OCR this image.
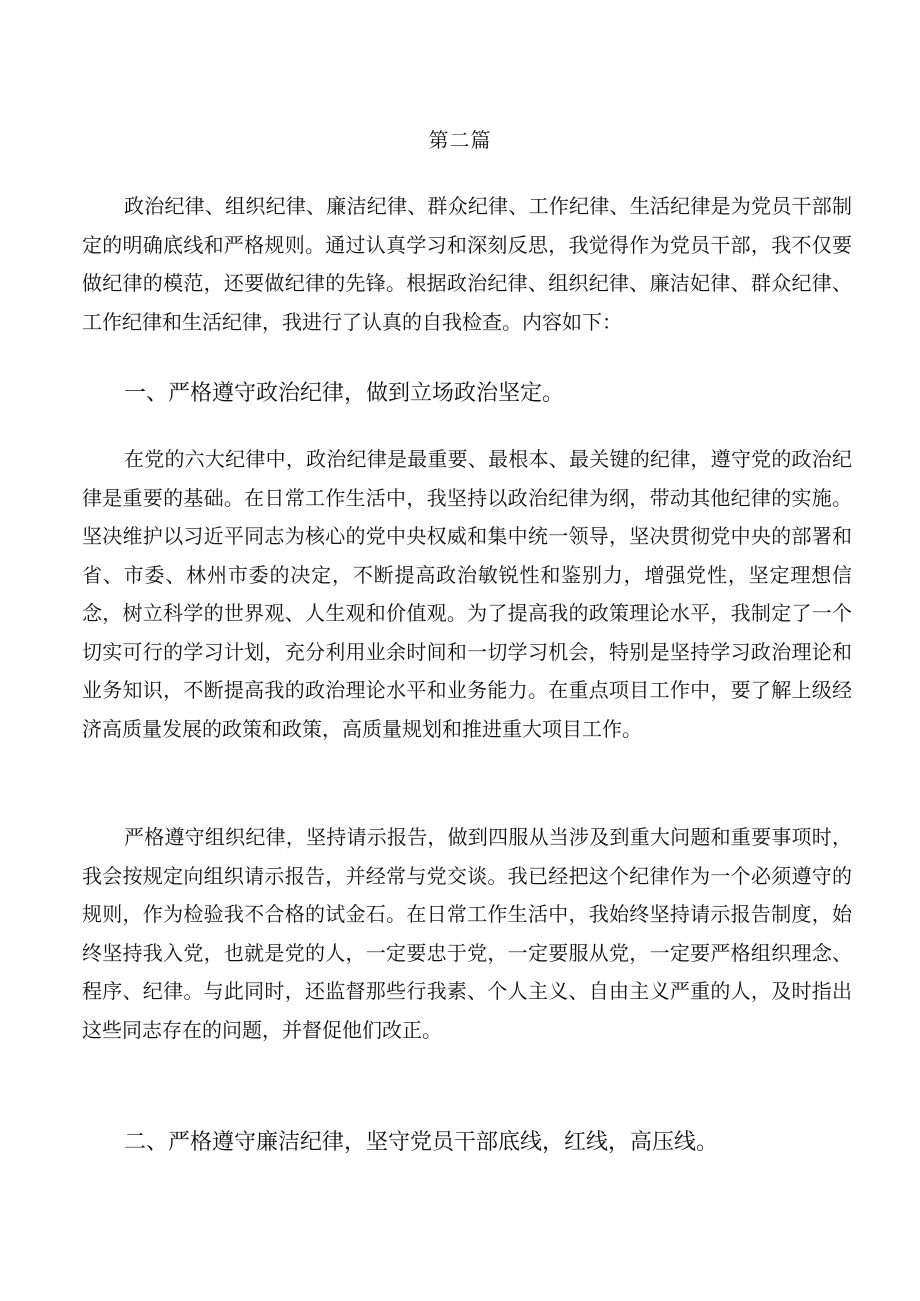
第二篇
政治纪律、组织纪律、廉洁纪律、群众纪律、工作纪律、生活纪律是为党员干部制定的明确底线和严格规则。通过认真学习和深刻反思，我觉得作为党员干部，我不仅要做纪律的模范，还要做纪律的先锋。根据政治纪律、组织纪律、廉洁妃律、群众纪律、工作纪律和生活纪律，我进行了认真的自我检查。内容如下：
一、严格遵守政治纪律，做到立场政治坚定。
在党的六大纪律中，政治纪律是最重要、最根本、最关键的纪律，遵守党的政治纪律是重要的基础。在日常工作生活中，我坚持以政治纪律为纲，带动其他纪律的实施。坚决维护以习近平同志为核心的党中央权威和集中统一领导，坚决贯彻党中央的部署和省、市委、林州市委的决定，不断提高政治敏锐性和鉴别力，增强党性，坚定理想信念，树立科学的世界观、人生观和价值观。为了提高我的政策理论水平，我制定了一个切实可行的学习计划，充分利用业余时间和一切学习机会，特别是坚持学习政治理论和业务知识，不断提高我的政治理论水平和业务能力。在重点项目工作中，要了解上级经济高质量发展的政策和政策，高质量规划和推进重大项目工作。
严格遵守组织纪律，坚持请示报告，做到四服从当涉及到重大问题和重要事项时，我会按规定向组织请示报告，并经常与党交谈。我已经把这个纪律作为一个必须遵守的规则，作为检验我不合格的试金石。在日常工作生活中，我始终坚持请示报告制度，始终坚持我入党，也就是党的人，一定要忠于党，一定要服从党，一定要严格组织理念、程序、纪律。与此同时，还监督那些行我素、个人主义、自由主义严重的人，及时指出这些同志存在的问题，并督促他们改正。
二、严格遵守廉洁纪律，坚守党员干部底线，红线，高压线。
